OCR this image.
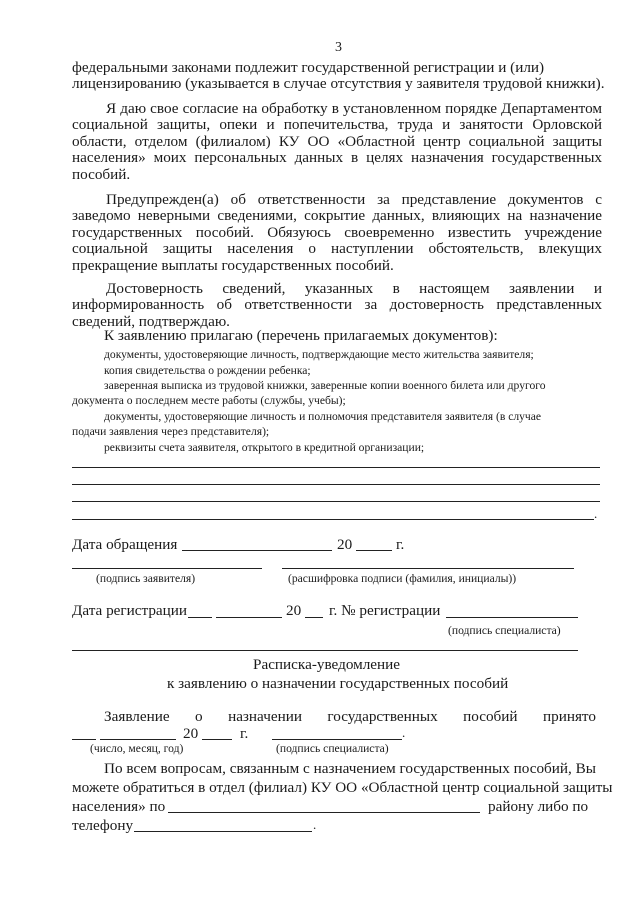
3
федеральными законами подлежит государственной регистрации и (или)
лицензированию (указывается в случае отсутствия у заявителя трудовой книжки).
Я даю свое согласие на обработку в установленном порядке Департаментом социальной защиты, опеки и попечительства, труда и занятости Орловской области, отделом (филиалом) КУ ОО «Областной центр социальной защиты населения» моих персональных данных в целях назначения государственных пособий.
Предупрежден(а) об ответственности за представление документов с заведомо неверными сведениями, сокрытие данных, влияющих на назначение государственных пособий. Обязуюсь своевременно известить учреждение социальной защиты населения о наступлении обстоятельств, влекущих прекращение выплаты государственных пособий.
Достоверность сведений, указанных в настоящем заявлении и информированность об ответственности за достоверность представленных сведений, подтверждаю.
К заявлению прилагаю (перечень прилагаемых документов):
документы, удостоверяющие личность, подтверждающие место жительства заявителя;
копия свидетельства о рождении ребенка;
заверенная выписка из трудовой книжки, заверенные копии военного билета или другого
документа о последнем месте работы (службы, учебы);
документы, удостоверяющие личность и полномочия представителя заявителя (в случае
подачи заявления через представителя);
реквизиты счета заявителя, открытого в кредитной организации;
.
Дата обращения	20	г.
(подпись заявителя)	(расшифровка подписи (фамилия, инициалы))
Дата регистрации	20 г. № регистрации
(подпись специалиста)
Расписка-уведомление
к заявлению о назначении государственных пособий
Заявление о назначении государственных пособий принято
20	г.	.
(число, месяц, год)	(подпись специалиста)
По всем вопросам, связанным с назначением государственных пособий, Вы
можете обратиться в отдел (филиал) КУ ОО «Областной центр социальной защиты
населения» по	району либо по
телефону	.
